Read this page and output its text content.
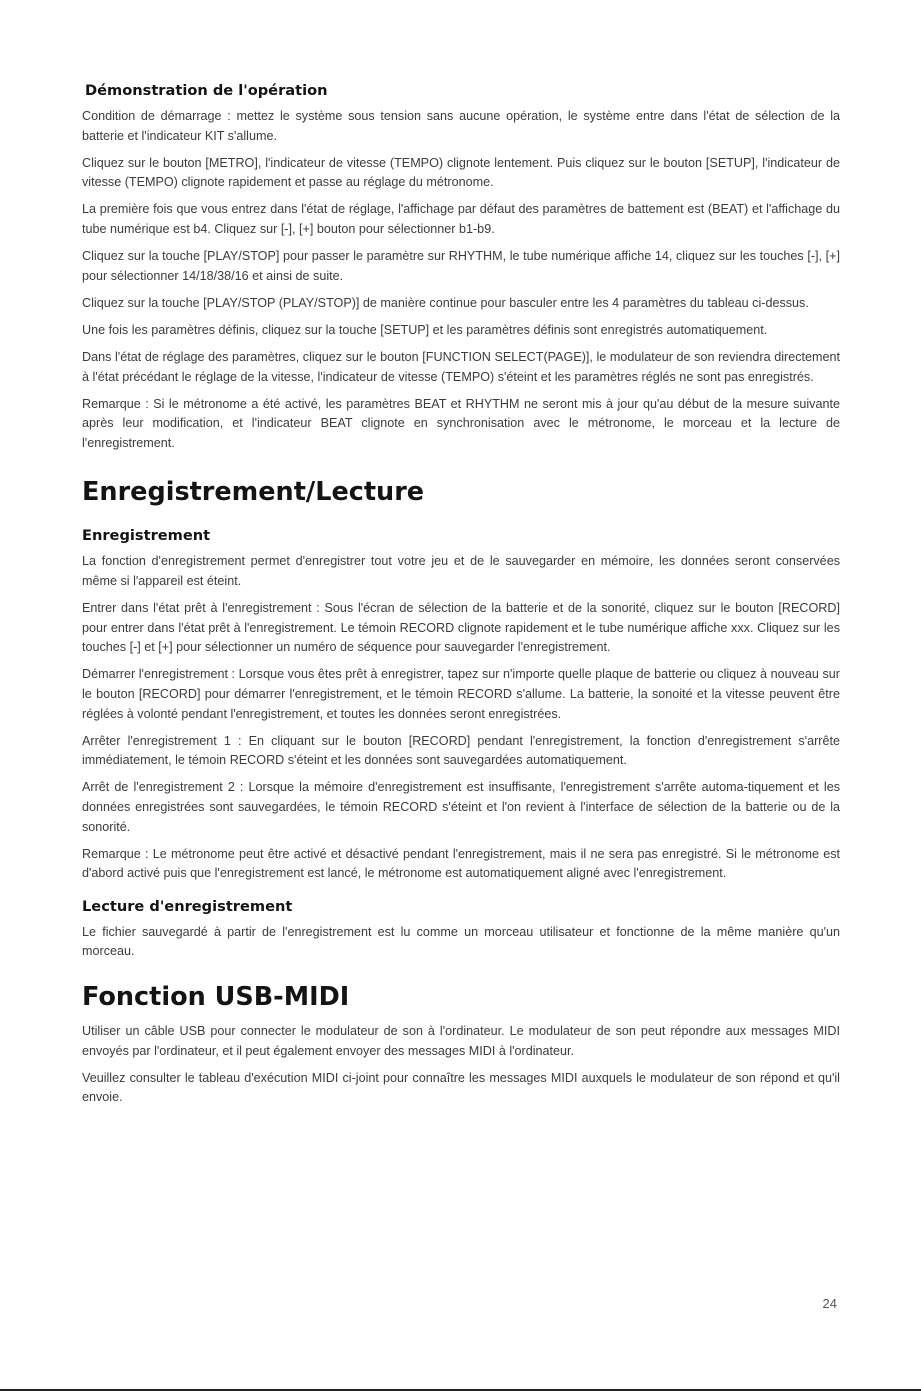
Démonstration de l'opération

Condition de démarrage : mettez le système sous tension sans aucune opération, le système entre dans l'état de sélection de la batterie et l'indicateur KIT s'allume.

Cliquez sur le bouton [METRO], l'indicateur de vitesse (TEMPO) clignote lentement. Puis cliquez sur le bouton [SETUP], l'indicateur de vitesse (TEMPO) clignote rapidement et passe au réglage du métronome.

La première fois que vous entrez dans l'état de réglage, l'affichage par défaut des paramètres de battement est (BEAT) et l'affichage du tube numérique est b4. Cliquez sur [-], [+] bouton pour sélectionner b1-b9.

Cliquez sur la touche [PLAY/STOP] pour passer le paramètre sur RHYTHM, le tube numérique affiche 14, cliquez sur les touches [-], [+] pour sélectionner 14/18/38/16 et ainsi de suite.

Cliquez sur la touche [PLAY/STOP (PLAY/STOP)] de manière continue pour basculer entre les 4 paramètres du tableau ci-dessus.

Une fois les paramètres définis, cliquez sur la touche [SETUP] et les paramètres définis sont enregistrés automatiquement.

Dans l'état de réglage des paramètres, cliquez sur le bouton [FUNCTION SELECT(PAGE)], le modulateur de son reviendra directement à l'état précédant le réglage de la vitesse, l'indicateur de vitesse (TEMPO) s'éteint et les paramètres réglés ne sont pas enregistrés.

Remarque : Si le métronome a été activé, les paramètres BEAT et RHYTHM ne seront mis à jour qu'au début de la mesure suivante après leur modification, et l'indicateur BEAT clignote en synchronisation avec le métronome, le morceau et la lecture de l'enregistrement.

Enregistrement/Lecture
Enregistrement

La fonction d'enregistrement permet d'enregistrer tout votre jeu et de le sauvegarder en mémoire, les données seront conservées même si l'appareil est éteint.

Entrer dans l'état prêt à l'enregistrement : Sous l'écran de sélection de la batterie et de la sonorité, cliquez sur le bouton [RECORD] pour entrer dans l'état prêt à l'enregistrement. Le témoin RECORD clignote rapidement et le tube numérique affiche xxx. Cliquez sur les touches [-] et [+] pour sélectionner un numéro de séquence pour sauvegarder l'enregistrement.

Démarrer l'enregistrement : Lorsque vous êtes prêt à enregistrer, tapez sur n'importe quelle plaque de batterie ou cliquez à nouveau sur le bouton [RECORD] pour démarrer l'enregistrement, et le témoin RECORD s'allume. La batterie, la sonoité et la vitesse peuvent être réglées à volonté pendant l'enregistrement, et toutes les données seront enregistrées.

Arrêter l'enregistrement 1 : En cliquant sur le bouton [RECORD] pendant l'enregistrement, la fonction d'enregistrement s'arrête immédiatement, le témoin RECORD s'éteint et les données sont sauvegardées automatiquement.

Arrêt de l'enregistrement 2 : Lorsque la mémoire d'enregistrement est insuffisante, l'enregistrement s'arrête automa-tiquement et les données enregistrées sont sauvegardées, le témoin RECORD s'éteint et l'on revient à l'interface de sélection de la batterie ou de la sonorité.

Remarque : Le métronome peut être activé et désactivé pendant l'enregistrement, mais il ne sera pas enregistré. Si le métronome est d'abord activé puis que l'enregistrement est lancé, le métronome est automatiquement aligné avec l'enregistrement.

Lecture d'enregistrement

Le fichier sauvegardé à partir de l'enregistrement est lu comme un morceau utilisateur et fonctionne de la même manière qu'un morceau.

Fonction USB-MIDI

Utiliser un câble USB pour connecter le modulateur de son à l'ordinateur. Le modulateur de son peut répondre aux messages MIDI envoyés par l'ordinateur, et il peut également envoyer des messages MIDI à l'ordinateur.

Veuillez consulter le tableau d'exécution MIDI ci-joint pour connaître les messages MIDI auxquels le modulateur de son répond et qu'il envoie.

24
